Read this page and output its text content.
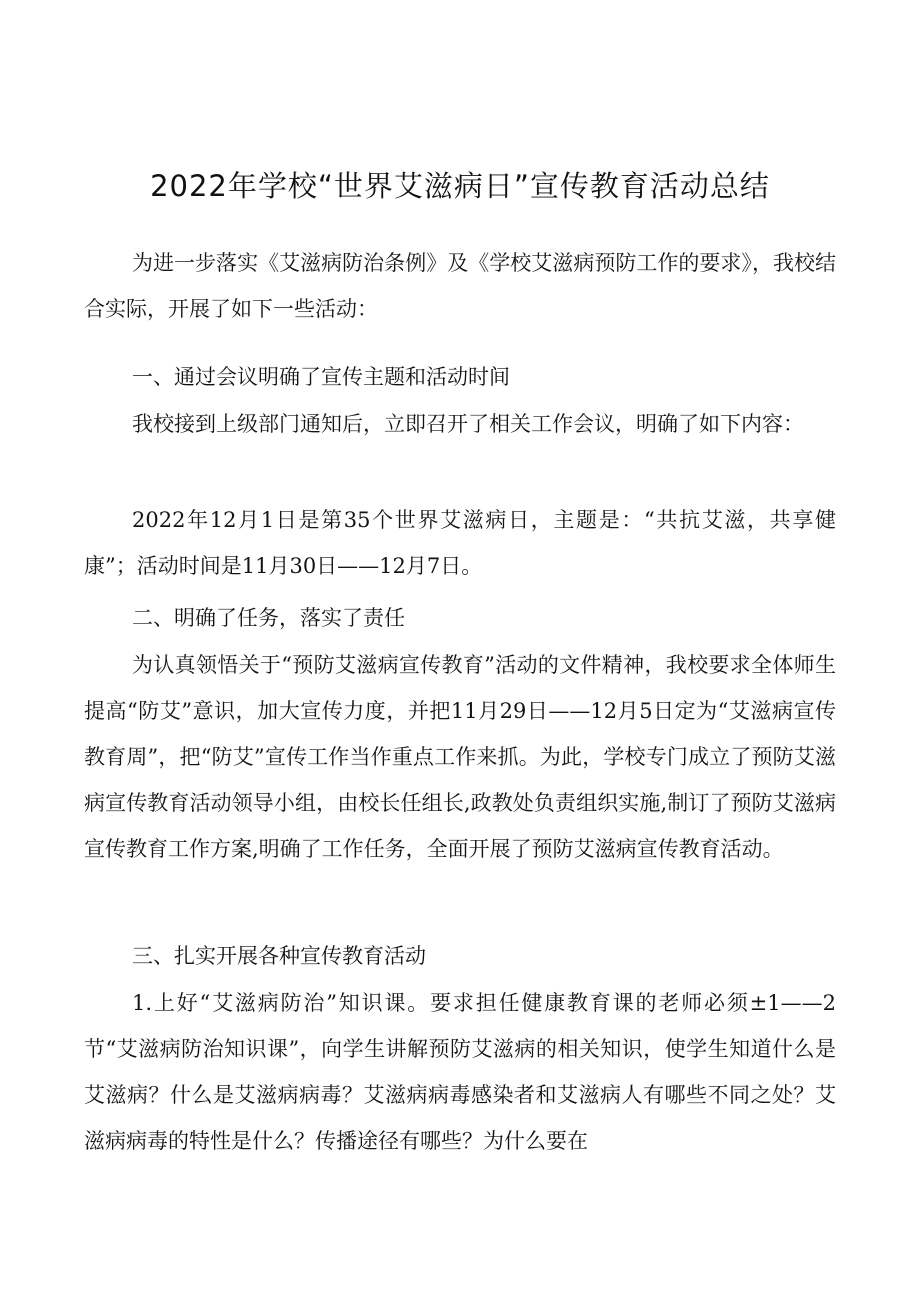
2022年学校“世界艾滋病日”宣传教育活动总结

为进一步落实《艾滋病防治条例》及《学校艾滋病预防工作的要求》，我校结合实际，开展了如下一些活动：

一、通过会议明确了宣传主题和活动时间

我校接到上级部门通知后，立即召开了相关工作会议，明确了如下内容：

2022年12月1日是第35个世界艾滋病日，主题是：“共抗艾滋，共享健康”；活动时间是11月30日——12月7日。

二、明确了任务，落实了责任

为认真领悟关于“预防艾滋病宣传教育”活动的文件精神，我校要求全体师生提高“防艾”意识，加大宣传力度，并把11月29日——12月5日定为“艾滋病宣传教育周”，把“防艾”宣传工作当作重点工作来抓。为此，学校专门成立了预防艾滋病宣传教育活动领导小组，由校长任组长,政教处负责组织实施,制订了预防艾滋病宣传教育工作方案,明确了工作任务，全面开展了预防艾滋病宣传教育活动。

三、扎实开展各种宣传教育活动

1.上好“艾滋病防治”知识课。要求担任健康教育课的老师必须±1——2节“艾滋病防治知识课”，向学生讲解预防艾滋病的相关知识，使学生知道什么是艾滋病？什么是艾滋病病毒？艾滋病病毒感染者和艾滋病人有哪些不同之处？艾滋病病毒的特性是什么？传播途径有哪些？为什么要在
